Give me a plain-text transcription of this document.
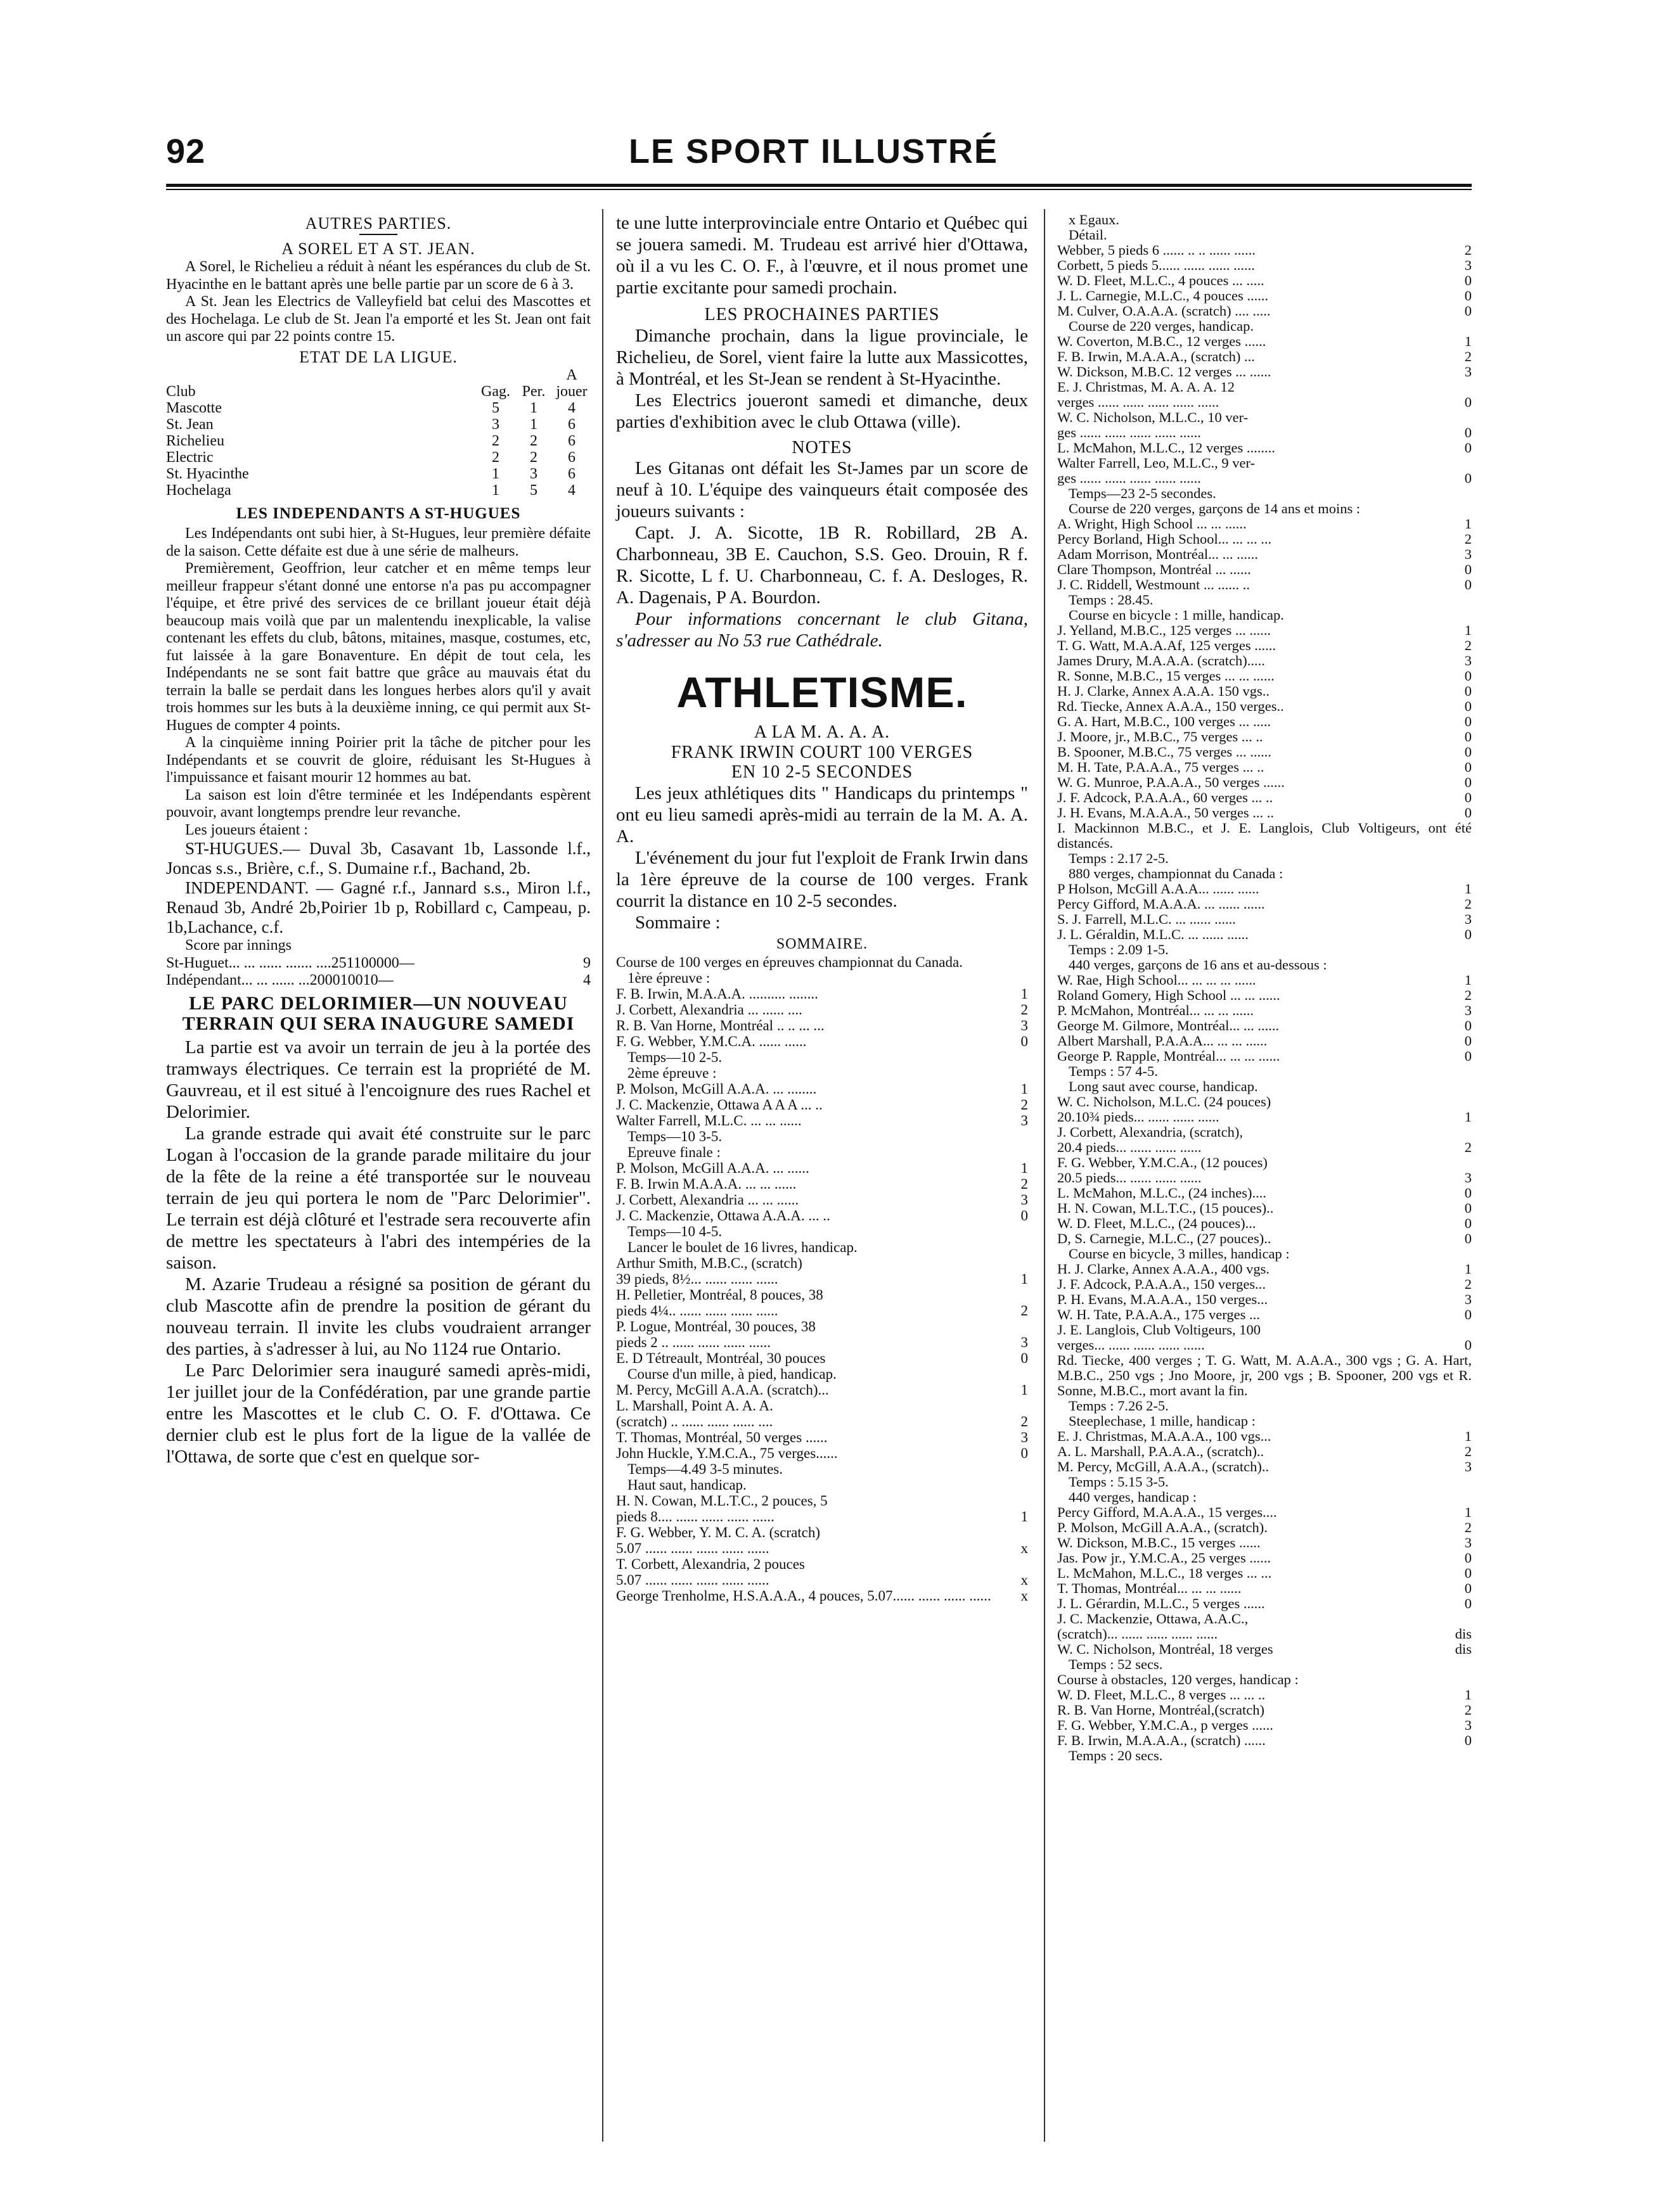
92	LE SPORT ILLUSTRÉ
AUTRES PARTIES.
A SOREL ET A ST. JEAN.

A Sorel, le Richelieu a réduit à néant les espérances du club de St. Hyacinthe en le battant après une belle partie par un score de 6 à 3.

A St. Jean les Electrics de Valleyfield bat celui des Mascottes et des Hochelaga. Le club de St. Jean l'a emporté et les St. Jean ont fait un ascore qui par 22 points contre 15.

ETAT DE LA LIGUE.
			A
Club	Gag.	Per.	jouer
Mascotte	5	1	4
St. Jean	3	1	6
Richelieu	2	2	6
Electric	2	2	6
St. Hyacinthe	1	3	6
Hochelaga	1	5	4
LES INDEPENDANTS A ST-HUGUES

Les Indépendants ont subi hier, à St-Hugues, leur première défaite de la saison. Cette défaite est due à une série de malheurs.

Premièrement, Geoffrion, leur catcher et en même temps leur meilleur frappeur s'étant donné une entorse n'a pas pu accompagner l'équipe, et être privé des services de ce brillant joueur était déjà beaucoup mais voilà que par un malentendu inexplicable, la valise contenant les effets du club, bâtons, mitaines, masque, costumes, etc, fut laissée à la gare Bonaventure. En dépit de tout cela, les Indépendants ne se sont fait battre que grâce au mauvais état du terrain la balle se perdait dans les longues herbes alors qu'il y avait trois hommes sur les buts à la deuxième inning, ce qui permit aux St-Hugues de compter 4 points.

A la cinquième inning Poirier prit la tâche de pitcher pour les Indépendants et se couvrit de gloire, réduisant les St-Hugues à l'impuissance et faisant mourir 12 hommes au bat.

La saison est loin d'être terminée et les Indépendants espèrent pouvoir, avant longtemps prendre leur revanche.

Les joueurs étaient :

ST-HUGUES.— Duval 3b, Casavant 1b, Lassonde l.f., Joncas s.s., Brière, c.f., S. Dumaine r.f., Bachand, 2b.

INDEPENDANT. — Gagné r.f., Jannard s.s., Miron l.f., Renaud 3b, André 2b,Poirier 1b p, Robillard c, Campeau, p. 1b,Lachance, c.f.

Score par innings

St-Huguet... ... ...... ....... ....251100000—	9
Indépendant... ... ...... ...200010010—	4
LE PARC DELORIMIER—UN NOUVEAU TERRAIN QUI SERA INAUGURE SAMEDI

La partie est va avoir un terrain de jeu à la portée des tramways électriques. Ce terrain est la propriété de M. Gauvreau, et il est situé à l'encoignure des rues Rachel et Delorimier.

La grande estrade qui avait été construite sur le parc Logan à l'occasion de la grande parade militaire du jour de la fête de la reine a été transportée sur le nouveau terrain de jeu qui portera le nom de "Parc Delorimier". Le terrain est déjà clôturé et l'estrade sera recouverte afin de mettre les spectateurs à l'abri des intempéries de la saison.

M. Azarie Trudeau a résigné sa position de gérant du club Mascotte afin de prendre la position de gérant du nouveau terrain. Il invite les clubs voudraient arranger des parties, à s'adresser à lui, au No 1124 rue Ontario.

Le Parc Delorimier sera inauguré samedi après-midi, 1er juillet jour de la Confédération, par une grande partie entre les Mascottes et le club C. O. F. d'Ottawa. Ce dernier club est le plus fort de la ligue de la vallée de l'Ottawa, de sorte que c'est en quelque sor-

te une lutte interprovinciale entre Ontario et Québec qui se jouera samedi. M. Trudeau est arrivé hier d'Ottawa, où il a vu les C. O. F., à l'œuvre, et il nous promet une partie excitante pour samedi prochain.

LES PROCHAINES PARTIES

Dimanche prochain, dans la ligue provinciale, le Richelieu, de Sorel, vient faire la lutte aux Massicottes, à Montréal, et les St-Jean se rendent à St-Hyacinthe.

Les Electrics joueront samedi et dimanche, deux parties d'exhibition avec le club Ottawa (ville).

NOTES

Les Gitanas ont défait les St-James par un score de neuf à 10. L'équipe des vainqueurs était composée des joueurs suivants :

Capt. J. A. Sicotte, 1B R. Robillard, 2B A. Charbonneau, 3B E. Cauchon, S.S. Geo. Drouin, R f. R. Sicotte, L f. U. Charbonneau, C. f. A. Desloges, R. A. Dagenais, P A. Bourdon.

Pour informations concernant le club Gitana, s'adresser au No 53 rue Cathédrale.

ATHLETISME.
A LA M. A. A. A.
FRANK IRWIN COURT 100 VERGES
EN 10 2-5 SECONDES

Les jeux athlétiques dits " Handicaps du printemps " ont eu lieu samedi après-midi au terrain de la M. A. A. A.

L'événement du jour fut l'exploit de Frank Irwin dans la 1ère épreuve de la course de 100 verges. Frank courrit la distance en 10 2-5 secondes.

Sommaire :

SOMMAIRE.
Course de 100 verges en épreuves championnat du Canada.
1ère épreuve :
F. B. Irwin, M.A.A.A. .......... ........	1
J. Corbett, Alexandria ... ...... ....	2
R. B. Van Horne, Montréal .. .. ... ...	3
F. G. Webber, Y.M.C.A. ...... ......	0
Temps—10 2-5.
2ème épreuve :
P. Molson, McGill A.A.A. ... ........	1
J. C. Mackenzie, Ottawa A A A ... ..	2
Walter Farrell, M.L.C. ... ... ......	3
Temps—10 3-5.
Epreuve finale :
P. Molson, McGill A.A.A. ... ......	1
F. B. Irwin M.A.A.A. ... ... ......	2
J. Corbett, Alexandria ... ... ......	3
J. C. Mackenzie, Ottawa A.A.A. ... ..	0
Temps—10 4-5.
Lancer le boulet de 16 livres, handicap.
Arthur Smith, M.B.C., (scratch)
39 pieds, 8½... ...... ...... ......	1
H. Pelletier, Montréal, 8 pouces, 38
pieds 4¼.. ...... ...... ...... ......	2
P. Logue, Montréal, 30 pouces, 38
pieds 2 .. ...... ...... ...... ......	3
E. D Tétreault, Montréal, 30 pouces	0
Course d'un mille, à pied, handicap.
M. Percy, McGill A.A.A. (scratch)...	1
L. Marshall, Point A. A. A.
(scratch) .. ...... ...... ...... ....	2
T. Thomas, Montréal, 50 verges ......	3
John Huckle, Y.M.C.A., 75 verges......	0
Temps—4.49 3-5 minutes.
Haut saut, handicap.
H. N. Cowan, M.L.T.C., 2 pouces, 5
pieds 8.... ...... ...... ...... ......	1
F. G. Webber, Y. M. C. A. (scratch)
5.07 ...... ...... ...... ...... ......	x
T. Corbett, Alexandria, 2 pouces
5.07 ...... ...... ...... ...... ......	x
George Trenholme, H.S.A.A.A., 4 pouces, 5.07...... ...... ...... ......	x
x Egaux.
Détail.
Webber, 5 pieds 6 ...... .. .. ...... ......	2
Corbett, 5 pieds 5...... ...... ...... ......	3
W. D. Fleet, M.L.C., 4 pouces ... .....	0
J. L. Carnegie, M.L.C., 4 pouces ......	0
M. Culver, O.A.A.A. (scratch) .... .....	0
Course de 220 verges, handicap.
W. Coverton, M.B.C., 12 verges ......	1
F. B. Irwin, M.A.A.A., (scratch) ...	2
W. Dickson, M.B.C. 12 verges ... ......	3
E. J. Christmas, M. A. A. A. 12
verges ...... ...... ...... ...... ......	0
W. C. Nicholson, M.L.C., 10 ver-
ges ...... ...... ...... ...... ......	0
L. McMahon, M.L.C., 12 verges ........	0
Walter Farrell, Leo, M.L.C., 9 ver-
ges ...... ...... ...... ...... ......	0
Temps—23 2-5 secondes.
Course de 220 verges, garçons de 14 ans et moins :
A. Wright, High School ... ... ......	1
Percy Borland, High School... ... ... ...	2
Adam Morrison, Montréal... ... ......	3
Clare Thompson, Montréal ... ......	0
J. C. Riddell, Westmount ... ...... ..	0
Temps : 28.45.
Course en bicycle : 1 mille, handicap.
J. Yelland, M.B.C., 125 verges ... ......	1
T. G. Watt, M.A.A.Af, 125 verges ......	2
James Drury, M.A.A.A. (scratch).....	3
R. Sonne, M.B.C., 15 verges ... ... ......	0
H. J. Clarke, Annex A.A.A. 150 vgs..	0
Rd. Tiecke, Annex A.A.A., 150 verges..	0
G. A. Hart, M.B.C., 100 verges ... .....	0
J. Moore, jr., M.B.C., 75 verges ... ..	0
B. Spooner, M.B.C., 75 verges ... ......	0
M. H. Tate, P.A.A.A., 75 verges ... ..	0
W. G. Munroe, P.A.A.A., 50 verges ......	0
J. F. Adcock, P.A.A.A., 60 verges ... ..	0
J. H. Evans, M.A.A.A., 50 verges ... ..	0
I. Mackinnon M.B.C., et J. E. Langlois, Club Voltigeurs, ont été distancés.
Temps : 2.17 2-5.
880 verges, championnat du Canada :
P Holson, McGill A.A.A... ...... ......	1
Percy Gifford, M.A.A.A. ... ...... ......	2
S. J. Farrell, M.L.C. ... ...... ......	3
J. L. Géraldin, M.L.C. ... ...... ......	0
Temps : 2.09 1-5.
440 verges, garçons de 16 ans et au-dessous :
W. Rae, High School... ... ... ... ......	1
Roland Gomery, High School ... ... ......	2
P. McMahon, Montréal... ... ... ......	3
George M. Gilmore, Montréal... ... ......	0
Albert Marshall, P.A.A.A... ... ... ......	0
George P. Rapple, Montréal... ... ... ......	0
Temps : 57 4-5.
Long saut avec course, handicap.
W. C. Nicholson, M.L.C. (24 pouces)
20.10¾ pieds... ...... ...... ......	1
J. Corbett, Alexandria, (scratch),
20.4 pieds... ...... ...... ......	2
F. G. Webber, Y.M.C.A., (12 pouces)
20.5 pieds... ...... ...... ......	3
L. McMahon, M.L.C., (24 inches)....	0
H. N. Cowan, M.L.T.C., (15 pouces)..	0
W. D. Fleet, M.L.C., (24 pouces)...	0
D, S. Carnegie, M.L.C., (27 pouces)..	0
Course en bicycle, 3 milles, handicap :
H. J. Clarke, Annex A.A.A., 400 vgs.	1
J. F. Adcock, P.A.A.A., 150 verges...	2
P. H. Evans, M.A.A.A., 150 verges...	3
W. H. Tate, P.A.A.A., 175 verges ...	0
J. E. Langlois, Club Voltigeurs, 100
verges... ...... ...... ...... ......	0
Rd. Tiecke, 400 verges ; T. G. Watt, M. A.A.A., 300 vgs ; G. A. Hart, M.B.C., 250 vgs ; Jno Moore, jr, 200 vgs ; B. Spooner, 200 vgs et R. Sonne, M.B.C., mort avant la fin.
Temps : 7.26 2-5.
Steeplechase, 1 mille, handicap :
E. J. Christmas, M.A.A.A., 100 vgs...	1
A. L. Marshall, P.A.A.A., (scratch)..	2
M. Percy, McGill, A.A.A., (scratch)..	3
Temps : 5.15 3-5.
440 verges, handicap :
Percy Gifford, M.A.A.A., 15 verges....	1
P. Molson, McGill A.A.A., (scratch).	2
W. Dickson, M.B.C., 15 verges ......	3
Jas. Pow jr., Y.M.C.A., 25 verges ......	0
L. McMahon, M.L.C., 18 verges ... ...	0
T. Thomas, Montréal... ... ... ......	0
J. L. Gérardin, M.L.C., 5 verges ......	0
J. C. Mackenzie, Ottawa, A.A.C.,
(scratch)... ...... ...... ...... ......	dis
W. C. Nicholson, Montréal, 18 verges	dis
Temps : 52 secs.
Course à obstacles, 120 verges, handicap :
W. D. Fleet, M.L.C., 8 verges ... ... ..	1
R. B. Van Horne, Montréal,(scratch)	2
F. G. Webber, Y.M.C.A., p verges ......	3
F. B. Irwin, M.A.A.A., (scratch) ......	0
Temps : 20 secs.
